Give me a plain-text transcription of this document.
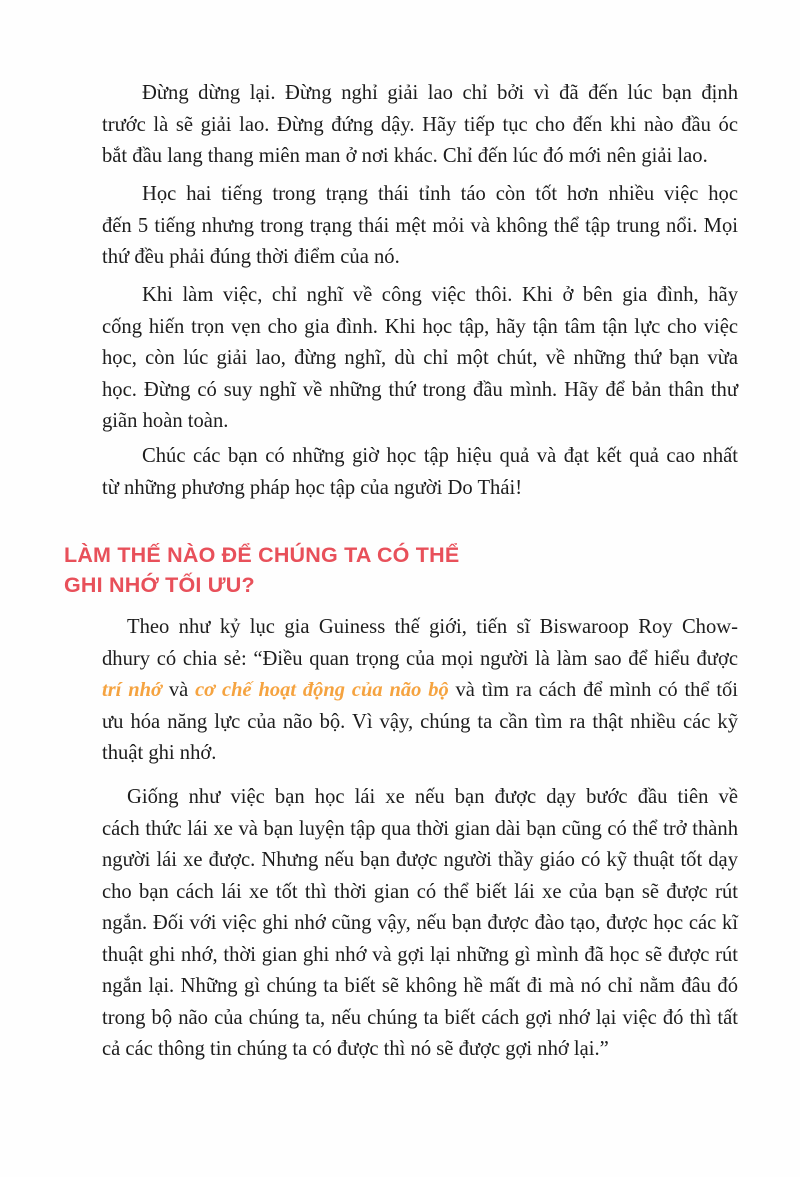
Đừng dừng lại. Đừng nghỉ giải lao chỉ bởi vì đã đến lúc bạn định
trước là sẽ giải lao. Đừng đứng dậy. Hãy tiếp tục cho đến khi nào đầu óc
bắt đầu lang thang miên man ở nơi khác. Chỉ đến lúc đó mới nên giải lao.
Học hai tiếng trong trạng thái tỉnh táo còn tốt hơn nhiều việc học
đến 5 tiếng nhưng trong trạng thái mệt mỏi và không thể tập trung nổi. Mọi
thứ đều phải đúng thời điểm của nó.
Khi làm việc, chỉ nghĩ về công việc thôi. Khi ở bên gia đình, hãy
cống hiến trọn vẹn cho gia đình. Khi học tập, hãy tận tâm tận lực cho việc
học, còn lúc giải lao, đừng nghĩ, dù chỉ một chút, về những thứ bạn vừa
học. Đừng có suy nghĩ về những thứ trong đầu mình. Hãy để bản thân thư
giãn hoàn toàn.
Chúc các bạn có những giờ học tập hiệu quả và đạt kết quả cao nhất
từ những phương pháp học tập của người Do Thái!
LÀM THẾ NÀO ĐỂ CHÚNG TA CÓ THỂ
GHI NHỚ TỐI ƯU?
Theo như kỷ lục gia Guiness thế giới, tiến sĩ Biswaroop Roy Chow-
dhury có chia sẻ: “Điều quan trọng của mọi người là làm sao để hiểu được
trí nhớ và cơ chế hoạt động của não bộ và tìm ra cách để mình có thể tối
ưu hóa năng lực của não bộ. Vì vậy, chúng ta cần tìm ra thật nhiều các kỹ
thuật ghi nhớ.
Giống như việc bạn học lái xe nếu bạn được dạy bước đầu tiên về
cách thức lái xe và bạn luyện tập qua thời gian dài bạn cũng có thể trở thành
người lái xe được. Nhưng nếu bạn được người thầy giáo có kỹ thuật tốt dạy
cho bạn cách lái xe tốt thì thời gian có thể biết lái xe của bạn sẽ được rút
ngắn. Đối với việc ghi nhớ cũng vậy, nếu bạn được đào tạo, được học các kĩ
thuật ghi nhớ, thời gian ghi nhớ và gợi lại những gì mình đã học sẽ được rút
ngắn lại. Những gì chúng ta biết sẽ không hề mất đi mà nó chỉ nằm đâu đó
trong bộ não của chúng ta, nếu chúng ta biết cách gợi nhớ lại việc đó thì tất
cả các thông tin chúng ta có được thì nó sẽ được gợi nhớ lại.”
